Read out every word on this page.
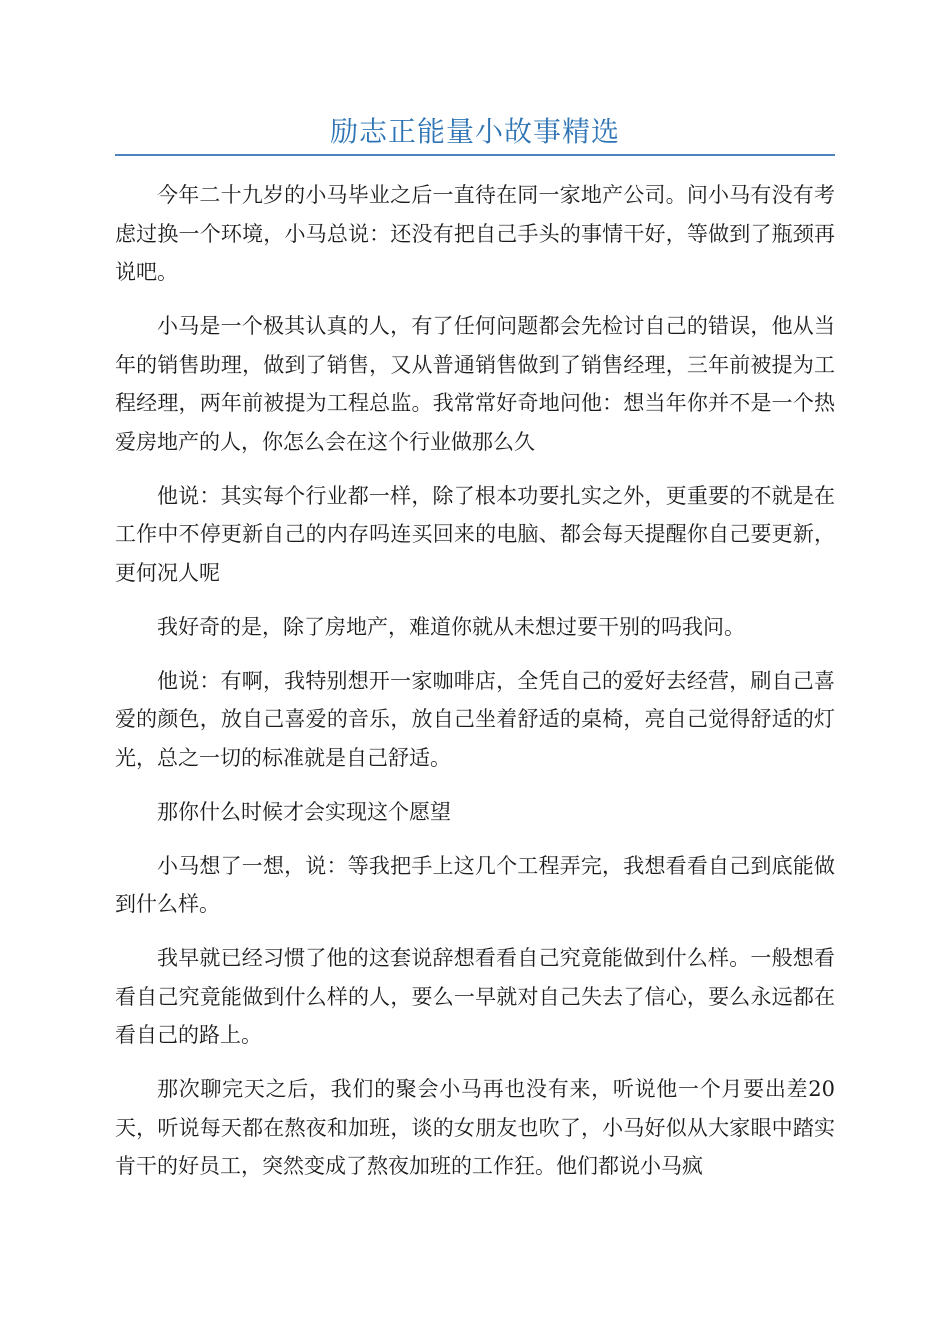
励志正能量小故事精选

今年二十九岁的小马毕业之后一直待在同一家地产公司。问小马有没有考虑过换一个环境，小马总说：还没有把自己手头的事情干好，等做到了瓶颈再说吧。

小马是一个极其认真的人，有了任何问题都会先检讨自己的错误，他从当年的销售助理，做到了销售，又从普通销售做到了销售经理，三年前被提为工程经理，两年前被提为工程总监。我常常好奇地问他：想当年你并不是一个热爱房地产的人，你怎么会在这个行业做那么久

他说：其实每个行业都一样，除了根本功要扎实之外，更重要的不就是在工作中不停更新自己的内存吗连买回来的电脑、都会每天提醒你自己要更新，更何况人呢

我好奇的是，除了房地产，难道你就从未想过要干别的吗我问。

他说：有啊，我特别想开一家咖啡店，全凭自己的爱好去经营，刷自己喜爱的颜色，放自己喜爱的音乐，放自己坐着舒适的桌椅，亮自己觉得舒适的灯光，总之一切的标准就是自己舒适。

那你什么时候才会实现这个愿望

小马想了一想，说：等我把手上这几个工程弄完，我想看看自己到底能做到什么样。

我早就已经习惯了他的这套说辞想看看自己究竟能做到什么样。一般想看看自己究竟能做到什么样的人，要么一早就对自己失去了信心，要么永远都在看自己的路上。

那次聊完天之后，我们的聚会小马再也没有来，听说他一个月要出差20天，听说每天都在熬夜和加班，谈的女朋友也吹了，小马好似从大家眼中踏实肯干的好员工，突然变成了熬夜加班的工作狂。他们都说小马疯
